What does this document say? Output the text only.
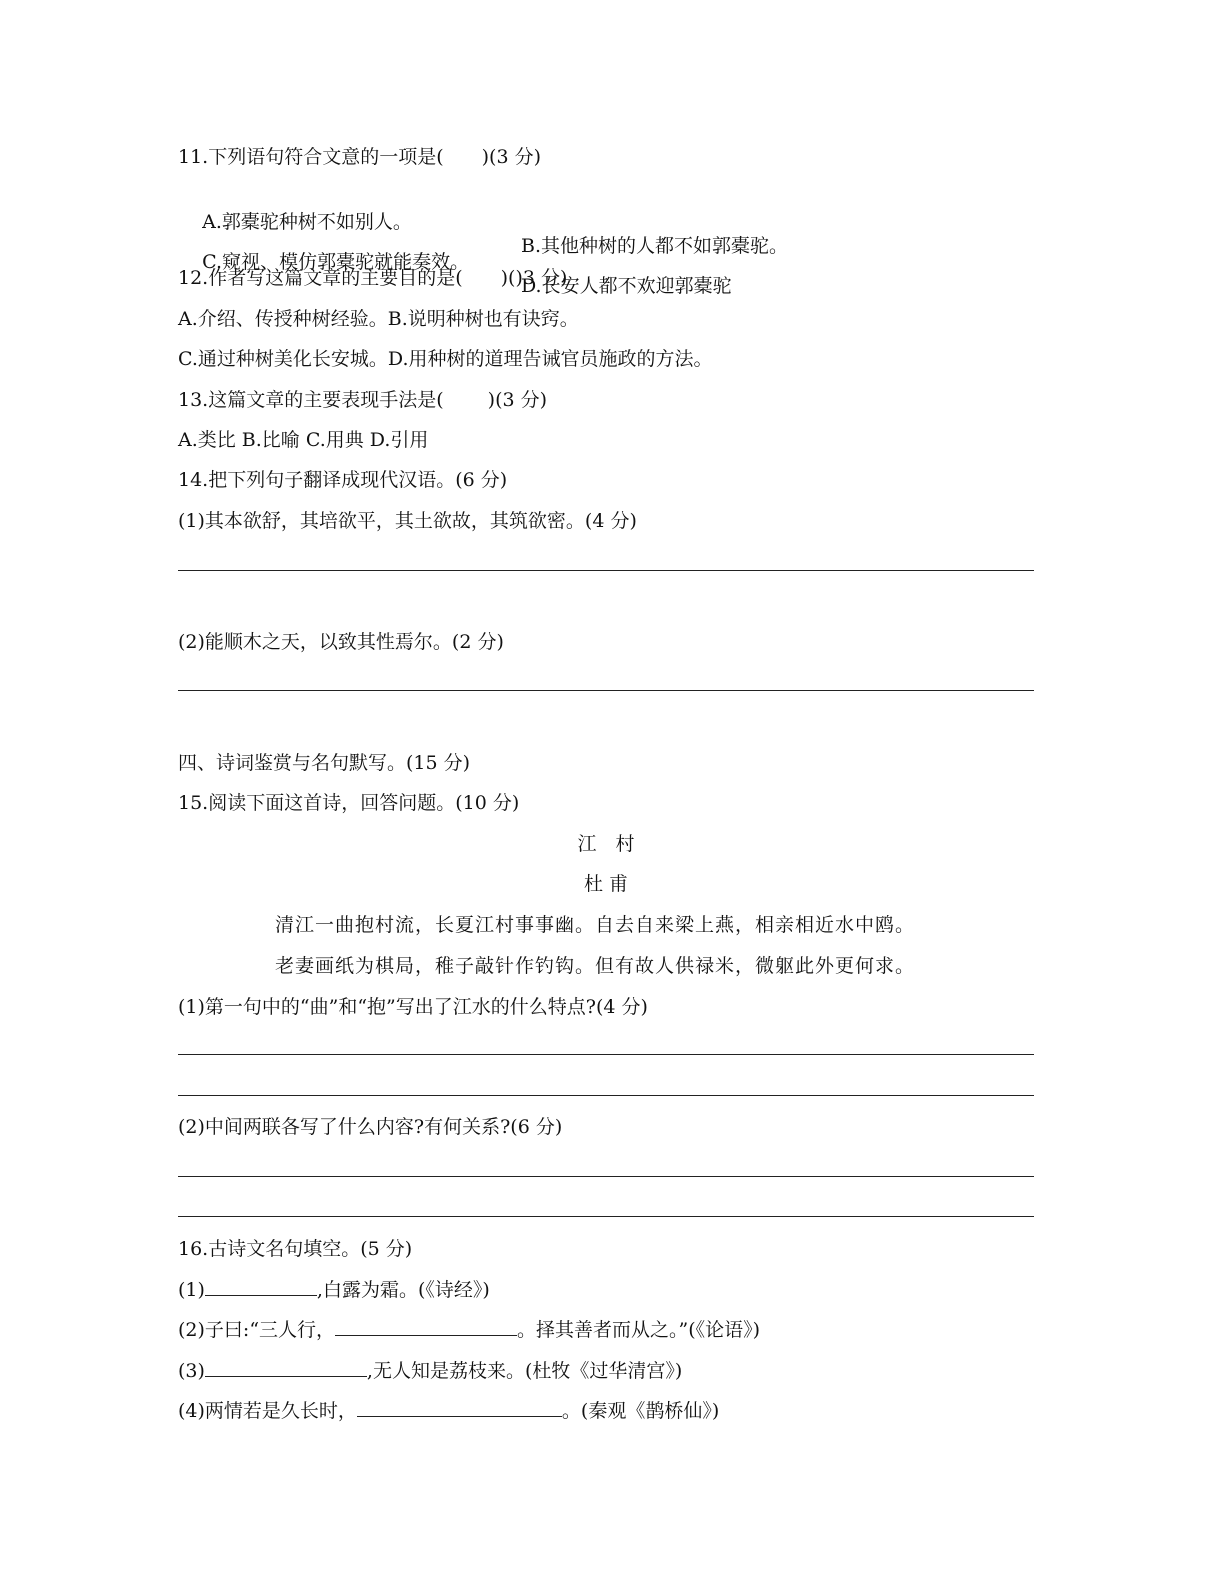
11.下列语句符合文意的一项是(　　)(3 分)

A.郭橐驼种树不如别人。

B.其他种树的人都不如郭橐驼。

C.窥视、模仿郭橐驼就能奏效。

D.长安人都不欢迎郭橐驼

12.作者写这篇文章的主要目的是(　　)()3 分)
A.介绍、传授种树经验。B.说明种树也有诀窍。
C.通过种树美化长安城。D.用种树的道理告诫官员施政的方法。
13.这篇文章的主要表现手法是(　　 )(3 分)
A.类比 B.比喻 C.用典 D.引用
14.把下列句子翻译成现代汉语。(6 分)
(1)其本欲舒，其培欲平，其土欲故，其筑欲密。(4 分)
(2)能顺木之天，以致其性焉尔。(2 分)
四、诗词鉴赏与名句默写。(15 分)
15.阅读下面这首诗，回答问题。(10 分)
江　村
杜 甫
清江一曲抱村流，长夏江村事事幽。自去自来梁上燕，相亲相近水中鸥。
老妻画纸为棋局，稚子敲针作钓钩。但有故人供禄米，微躯此外更何求。
(1)第一句中的“曲”和“抱”写出了江水的什么特点?(4 分)
(2)中间两联各写了什么内容?有何关系?(6 分)
16.古诗文名句填空。(5 分)
(1)	,白露为霜。(《诗经》)
(2)子曰:“三人行，	。择其善者而从之。”(《论语》)
(3)	,无人知是荔枝来。(杜牧《过华清宫》)
(4)两情若是久长时，	。(秦观《鹊桥仙》)
